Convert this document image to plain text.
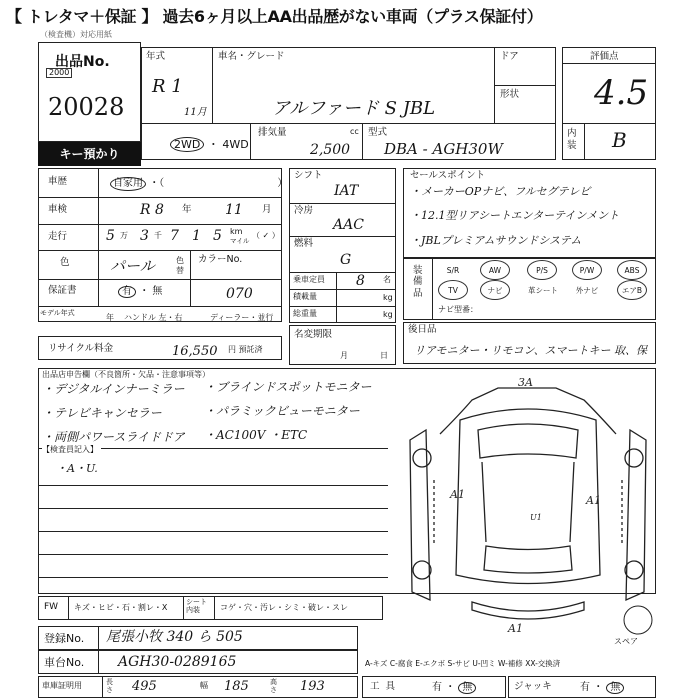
【 トレタマ＋保証 】 過去6ヶ月以上AA出品歴がない車両（プラス保証付）
（検査機）対応用紙
出品No.
2000
20028
キー預かり
年式
R 1
11月
車名・グレード
アルファード S JBL
ドア
形状
2WD ・ 4WD
排気量	cc
2,500
型式
DBA - AGH30W
評価点
4.5
内装 B
車歴	自家用 ・（	）
車検	R 8 年 11 月
走行	5 万 3 千 7 1 5 km
マイル
（ ✓ ）
色	パール	色替
カラーNo.
070
保証書	有 ・ 無
モデル年式	年 ハンドル 左・右	ディーラー・並行
リサイクル料金	16,550 円 預託済
シフト
IAT
冷房
AAC
燃料
G
乗車定員 8 名
積載量	kg
総重量	kg
名変期限
月	日
セールスポイント
・メーカーOPナビ、フルセグテレビ
・12.1型リアシートエンターテインメント
・JBLプレミアムサウンドシステム
装備品
S/R	AW	P/S	P/W	ABS
TV	ナビ	革シート	外ナビ	エアB
ナビ型番：
後日品
リアモニター・リモコン、スマートキー 取、保
出品店申告欄（不良箇所・欠品・注意事項等）
・デジタルインナーミラー ・ブラインドスポットモニター
・テレビキャンセラー	・パラミックビューモニター
・両側パワースライドドア ・AC100V ・ETC
【検査員記入】
・A・U.
3A
A1	A1
A1
U1
スペア
FW キズ・ヒビ・石・割レ・X
シート内装	コゲ・穴・汚レ・シミ・破レ・スレ
登録No. 尾張小牧 340 ら 505
車台No. AGH30-0289165	A-キズ C-腐食 E-エクボ S-サビ U-凹ミ W-補修 XX-交換済
車庫証明用	長さ 495	幅 185	高さ 193	工具	有 ・ 無	ジャッキ	有 ・ 無
